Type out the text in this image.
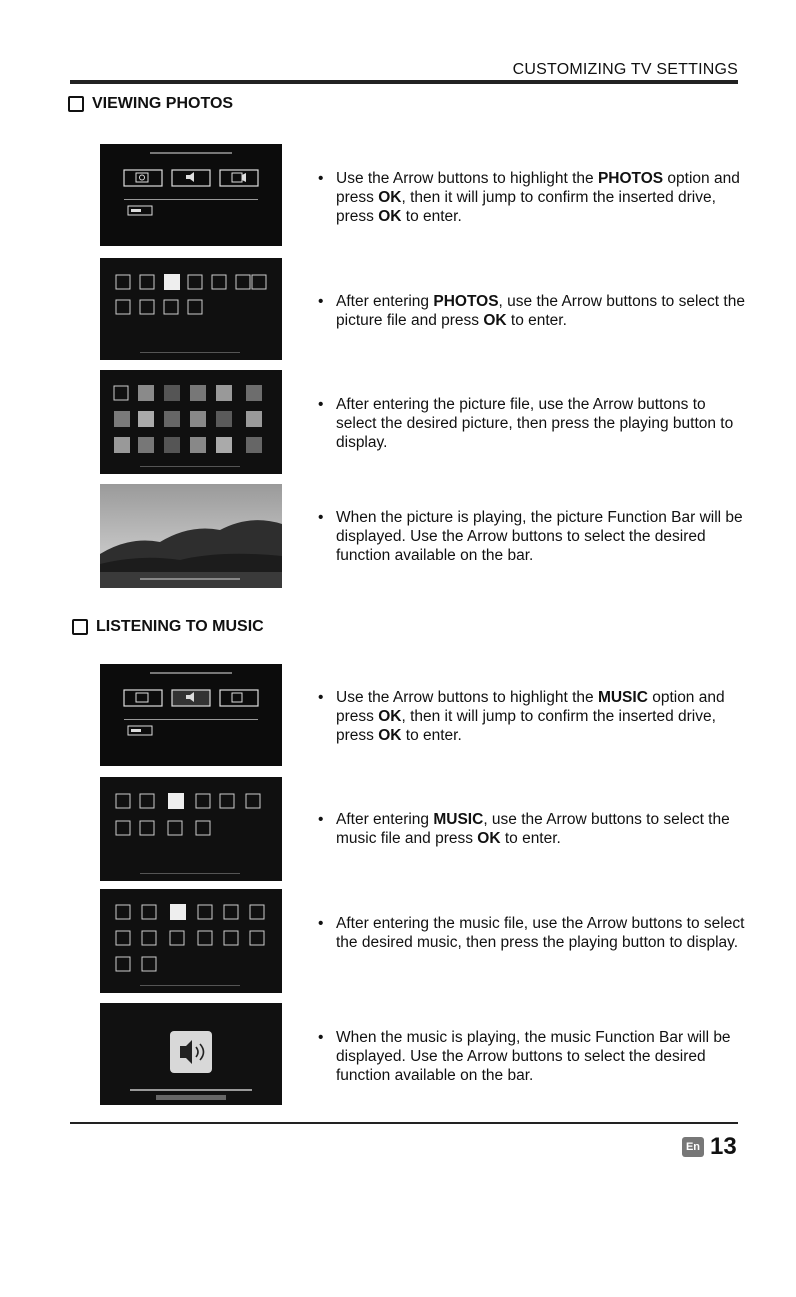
CUSTOMIZING TV SETTINGS
VIEWING PHOTOS
• Use the Arrow buttons to highlight the PHOTOS option and press OK, then it will jump to confirm the inserted drive, press OK to enter.
• After entering PHOTOS, use the Arrow buttons to select the picture file and press OK to enter.
• After entering the picture file, use the Arrow buttons to select the desired picture, then press the playing button to display.
• When the picture is playing, the picture Function Bar will be displayed. Use the Arrow buttons to select the desired function available on the bar.
LISTENING TO MUSIC
• Use the Arrow buttons to highlight the MUSIC option and press OK, then it will jump to confirm the inserted drive, press OK to enter.
• After entering MUSIC, use the Arrow buttons to select the music file and press OK to enter.
• After entering the music file, use the Arrow buttons to select the desired music, then press the playing button to display.
• When the music is playing, the music Function Bar will be displayed. Use the Arrow buttons to select the desired function available on the bar.
En 13
